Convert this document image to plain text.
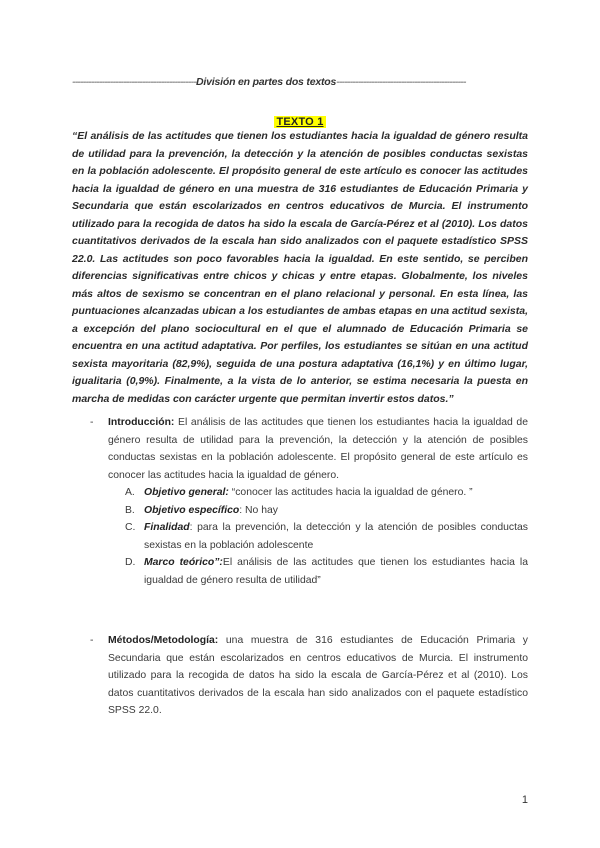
----------------------------------------------División en partes dos textos------------------------------------------------
TEXTO 1
“El análisis de las actitudes que tienen los estudiantes hacia la igualdad de género resulta de utilidad para la prevención, la detección y la atención de posibles conductas sexistas en la población adolescente. El propósito general de este artículo es conocer las actitudes hacia la igualdad de género en una muestra de 316 estudiantes de Educación Primaria y Secundaria que están escolarizados en centros educativos de Murcia. El instrumento utilizado para la recogida de datos ha sido la escala de García-Pérez et al (2010). Los datos cuantitativos derivados de la escala han sido analizados con el paquete estadístico SPSS 22.0. Las actitudes son poco favorables hacia la igualdad. En este sentido, se perciben diferencias significativas entre chicos y chicas y entre etapas. Globalmente, los niveles más altos de sexismo se concentran en el plano relacional y personal. En esta línea, las puntuaciones alcanzadas ubican a los estudiantes de ambas etapas en una actitud sexista, a excepción del plano sociocultural en el que el alumnado de Educación Primaria se encuentra en una actitud adaptativa. Por perfiles, los estudiantes se sitúan en una actitud sexista mayoritaria (82,9%), seguida de una postura adaptativa (16,1%) y en último lugar, igualitaria (0,9%). Finalmente, a la vista de lo anterior, se estima necesaria la puesta en marcha de medidas con carácter urgente que permitan invertir estos datos.”
-	Introducción: El análisis de las actitudes que tienen los estudiantes hacia la igualdad de género resulta de utilidad para la prevención, la detección y la atención de posibles conductas sexistas en la población adolescente. El propósito general de este artículo es conocer las actitudes hacia la igualdad de género.
A. Objetivo general: “conocer las actitudes hacia la igualdad de género. ”
B. Objetivo específico: No hay
C. Finalidad: para la prevención, la detección y la atención de posibles conductas sexistas en la población adolescente
D. Marco teórico”:El análisis de las actitudes que tienen los estudiantes hacia la igualdad de género resulta de utilidad”
-	Métodos/Metodología: una muestra de 316 estudiantes de Educación Primaria y Secundaria que están escolarizados en centros educativos de Murcia. El instrumento utilizado para la recogida de datos ha sido la escala de García-Pérez et al (2010). Los datos cuantitativos derivados de la escala han sido analizados con el paquete estadístico SPSS 22.0.
1
